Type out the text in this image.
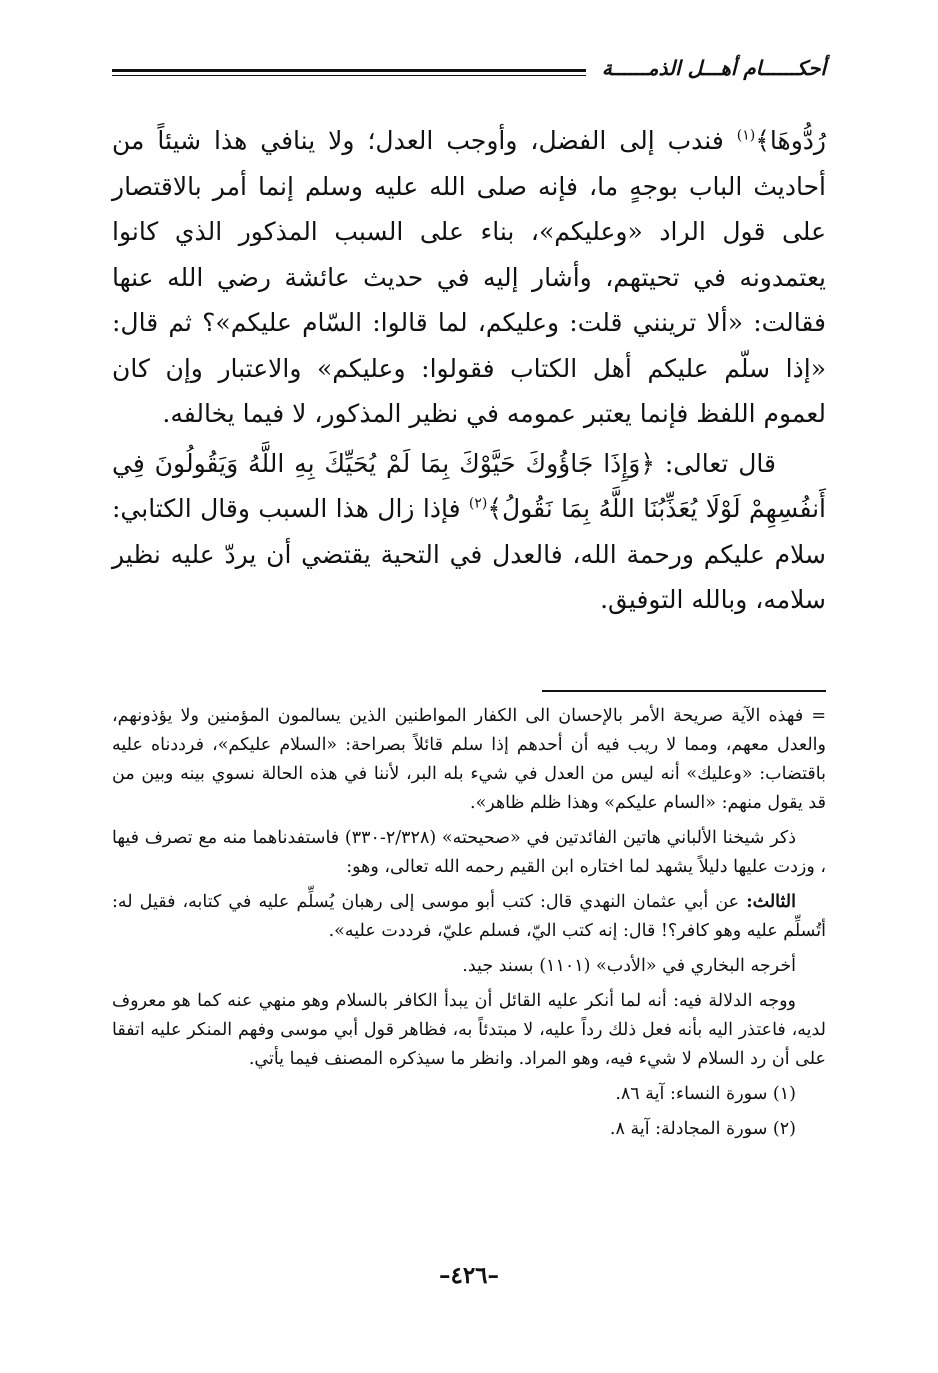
أحكــــــام أهـــل الذمــــــة

رُدُّوهَا﴾$^{(١)}$ فندب إلى الفضل، وأوجب العدل؛ ولا ينافي هذا شيئاً من أحاديث الباب بوجهٍ ما، فإنه صلى الله عليه وسلم إنما أمر بالاقتصار على قول الراد «وعليكم»، بناء على السبب المذكور الذي كانوا يعتمدونه في تحيتهم، وأشار إليه في حديث عائشة رضي الله عنها فقالت: «ألا ترينني قلت: وعليكم، لما قالوا: السّام عليكم»؟ ثم قال: «إذا سلّم عليكم أهل الكتاب فقولوا: وعليكم» والاعتبار وإن كان لعموم اللفظ فإنما يعتبر عمومه في نظير المذكور، لا فيما يخالفه.

قال تعالى: ﴿وَإِذَا جَاؤُوكَ حَيَّوْكَ بِمَا لَمْ يُحَيِّكَ بِهِ اللَّهُ وَيَقُولُونَ فِي أَنفُسِهِمْ لَوْلَا يُعَذِّبُنَا اللَّهُ بِمَا نَقُولُ﴾$^{(٢)}$ فإذا زال هذا السبب وقال الكتابي: سلام عليكم ورحمة الله، فالعدل في التحية يقتضي أن يردّ عليه نظير سلامه، وبالله التوفيق.

= فهذه الآية صريحة الأمر بالإحسان الى الكفار المواطنين الذين يسالمون المؤمنين ولا يؤذونهم، والعدل معهم، ومما لا ريب فيه أن أحدهم إذا سلم قائلاً بصراحة: «السلام عليكم»، فرددناه عليه باقتضاب: «وعليك» أنه ليس من العدل في شيء بله البر، لأننا في هذه الحالة نسوي بينه وبين من قد يقول منهم: «السام عليكم» وهذا ظلم ظاهر».

ذكر شيخنا الألباني هاتين الفائدتين في «صحيحته» (٢/٣٢٨-٣٣٠) فاستفدناهما منه مع تصرف فيها ، وزدت عليها دليلاً يشهد لما اختاره ابن القيم رحمه الله تعالى، وهو:

الثالث: عن أبي عثمان النهدي قال: كتب أبو موسى إلى رهبان يُسلِّم عليه في كتابه، فقيل له: أتُسلِّم عليه وهو كافر؟! قال: إنه كتب اليّ، فسلم عليّ، فرددت عليه».

أخرجه البخاري في «الأدب» (١١٠١) بسند جيد.

ووجه الدلالة فيه: أنه لما أنكر عليه القائل أن يبدأ الكافر بالسلام وهو منهي عنه كما هو معروف لديه، فاعتذر اليه بأنه فعل ذلك رداً عليه، لا مبتدئاً به، فظاهر قول أبي موسى وفهم المنكر عليه اتفقا على أن رد السلام لا شيء فيه، وهو المراد. وانظر ما سيذكره المصنف فيما يأتي.

(١) سورة النساء: آية ٨٦.

(٢) سورة المجادلة: آية ٨.

–٤٢٦–
